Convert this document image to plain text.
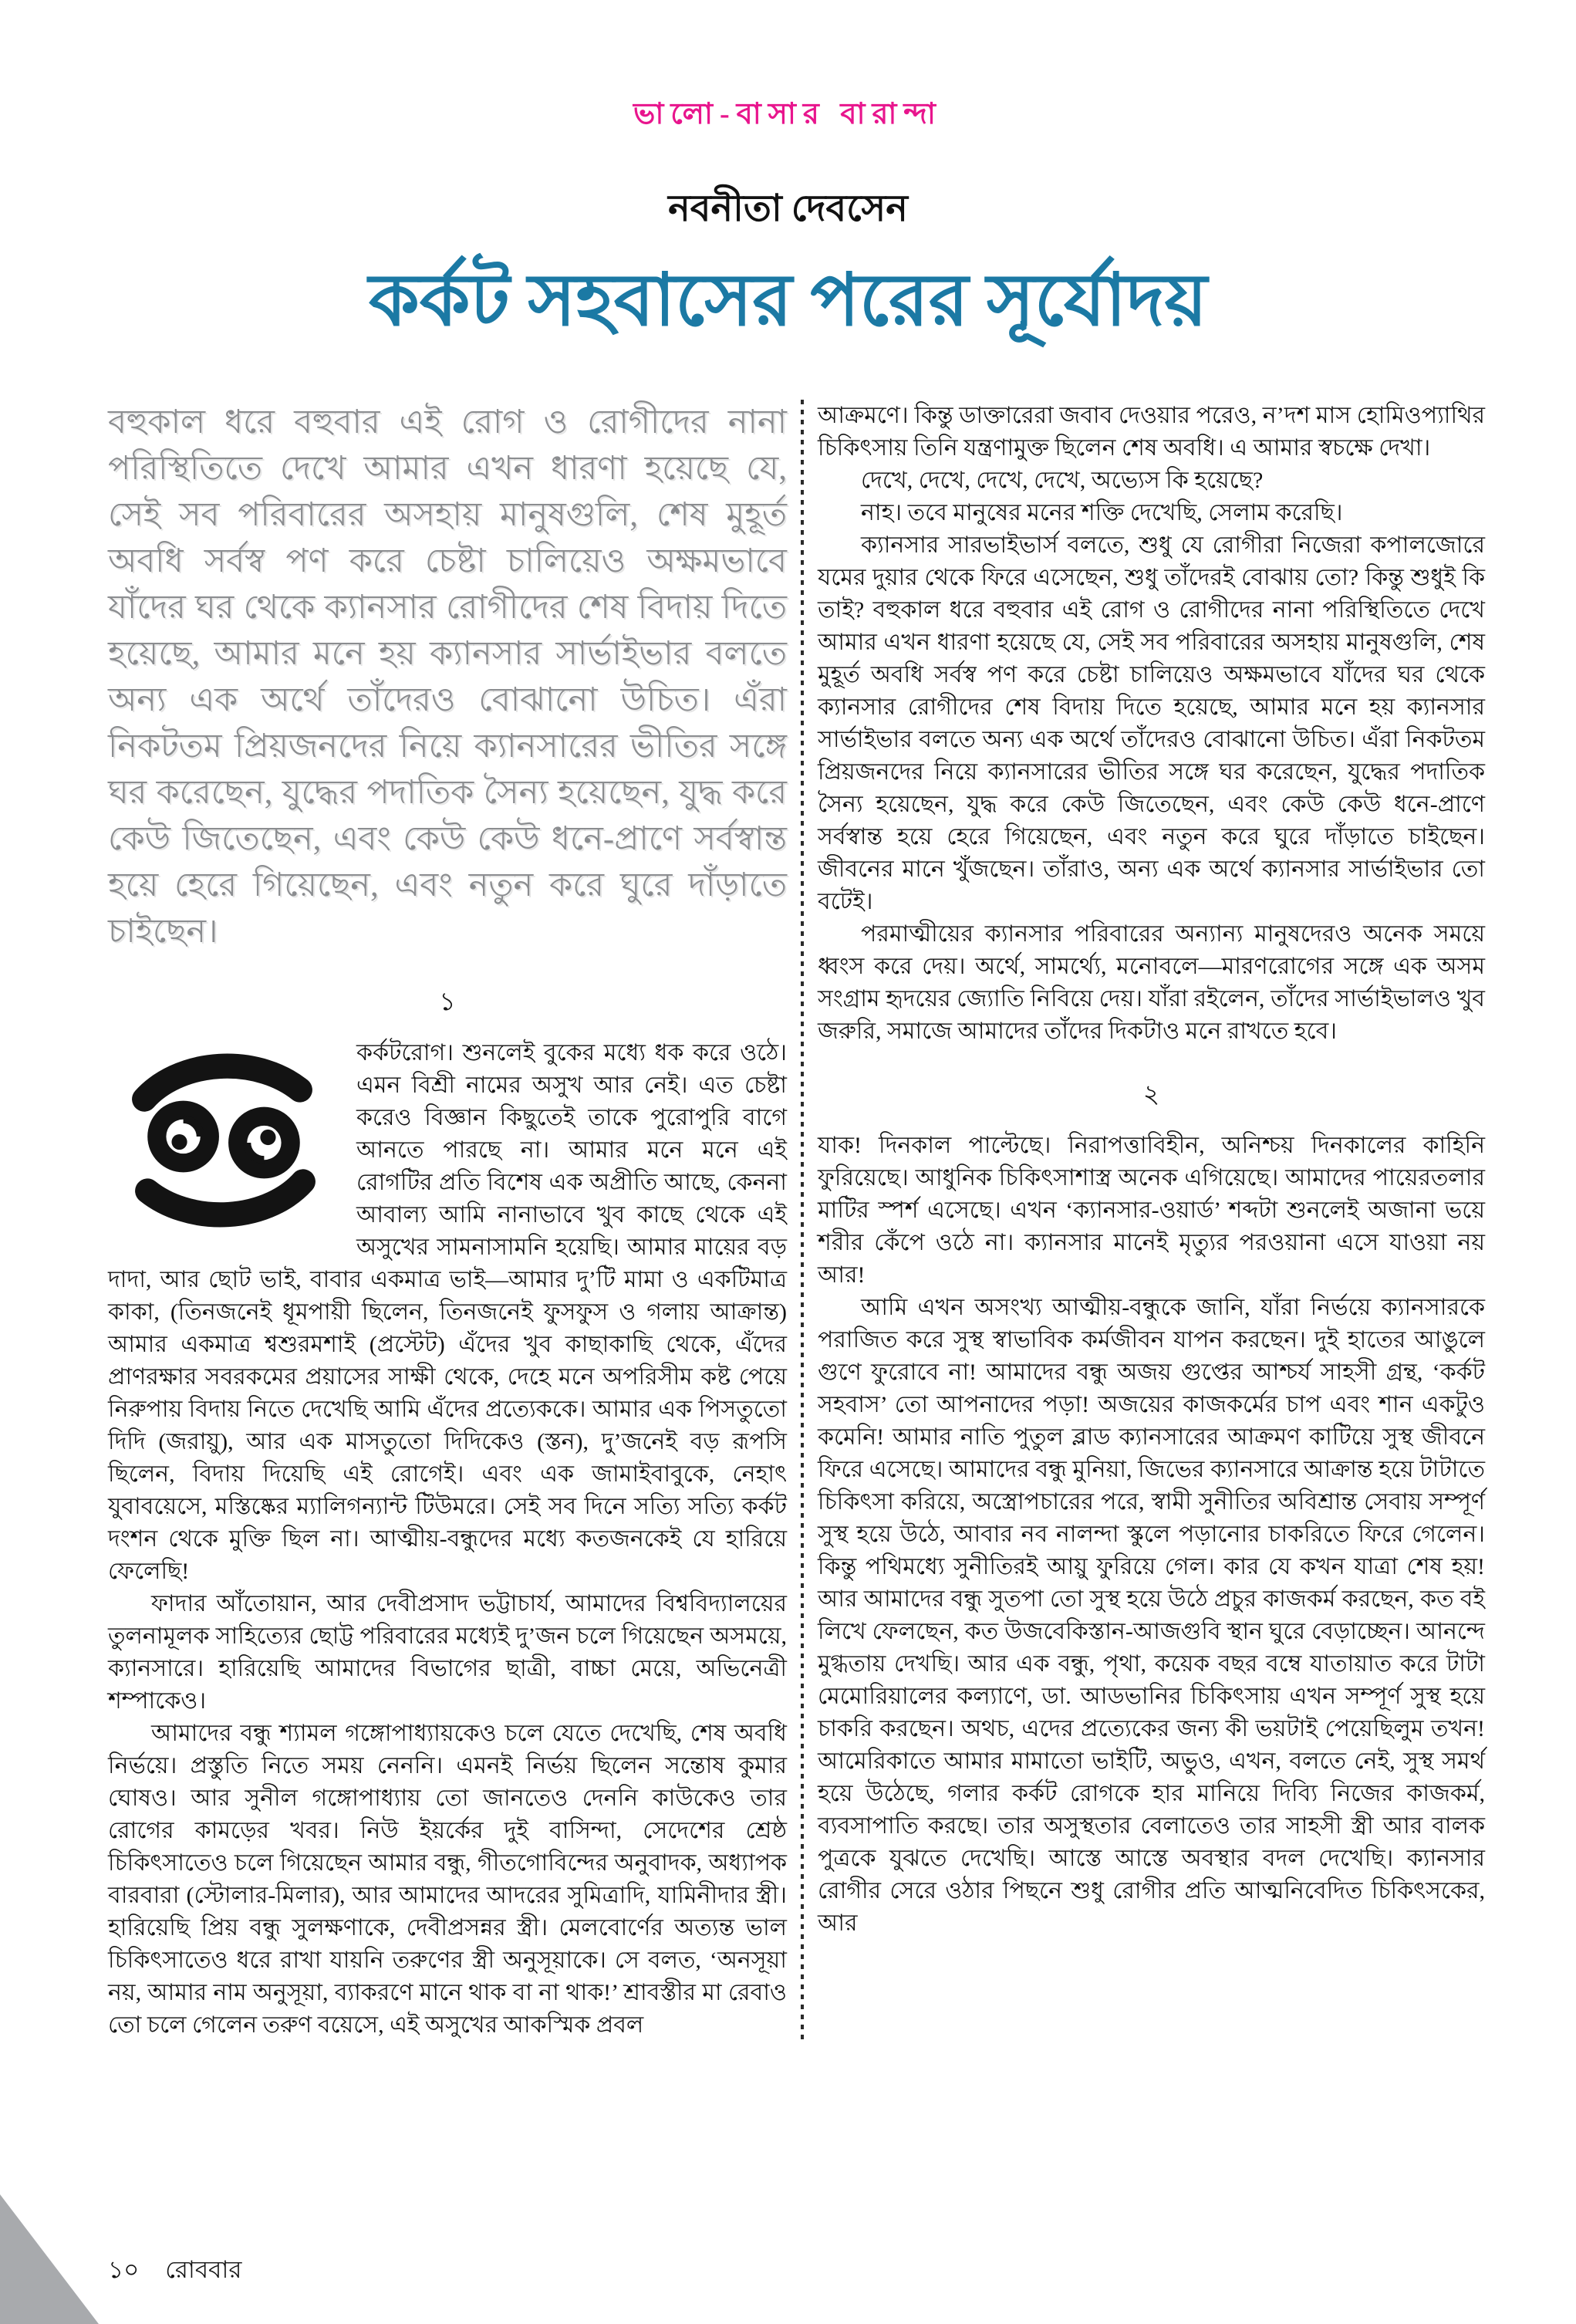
ভালো-বাসার বারান্দা
নবনীতা দেবসেন
কর্কট সহবাসের পরের সূর্যোদয়
বহুকাল ধরে বহুবার এই রোগ ও রোগীদের নানা পরিস্থিতিতে দেখে আমার এখন ধারণা হয়েছে যে, সেই সব পরিবারের অসহায় মানুষগুলি, শেষ মুহূর্ত অবধি সর্বস্ব পণ করে চেষ্টা চালিয়েও অক্ষমভাবে যাঁদের ঘর থেকে ক্যানসার রোগীদের শেষ বিদায় দিতে হয়েছে, আমার মনে হয় ক্যানসার সার্ভাইভার বলতে অন্য এক অর্থে তাঁদেরও বোঝানো উচিত। এঁরা নিকটতম প্রিয়জনদের নিয়ে ক্যানসারের ভীতির সঙ্গে ঘর করেছেন, যুদ্ধের পদাতিক সৈন্য হয়েছেন, যুদ্ধ করে কেউ জিতেছেন, এবং কেউ কেউ ধনে-প্রাণে সর্বস্বান্ত হয়ে হেরে গিয়েছেন, এবং নতুন করে ঘুরে দাঁড়াতে চাইছেন।
১

কর্কটরোগ। শুনলেই বুকের মধ্যে ধক করে ওঠে। এমন বিশ্রী নামের অসুখ আর নেই। এত চেষ্টা করেও বিজ্ঞান কিছুতেই তাকে পুরোপুরি বাগে আনতে পারছে না। আমার মনে মনে এই রোগটির প্রতি বিশেষ এক অপ্রীতি আছে, কেননা আবাল্য আমি নানাভাবে খুব কাছে থেকে এই অসুখের সামনাসামনি হয়েছি। আমার মায়ের বড় দাদা, আর ছোট ভাই, বাবার একমাত্র ভাই—আমার দু’টি মামা ও একটিমাত্র কাকা, (তিনজনেই ধূমপায়ী ছিলেন, তিনজনেই ফুসফুস ও গলায় আক্রান্ত) আমার একমাত্র শ্বশুরমশাই (প্রস্টেট) এঁদের খুব কাছাকাছি থেকে, এঁদের প্রাণরক্ষার সবরকমের প্রয়াসের সাক্ষী থেকে, দেহে মনে অপরিসীম কষ্ট পেয়ে নিরুপায় বিদায় নিতে দেখেছি আমি এঁদের প্রত্যেককে। আমার এক পিসতুতো দিদি (জরায়ু), আর এক মাসতুতো দিদিকেও (স্তন), দু’জনেই বড় রূপসি ছিলেন, বিদায় দিয়েছি এই রোগেই। এবং এক জামাইবাবুকে, নেহাৎ যুবাবয়েসে, মস্তিষ্কের ম্যালিগন্যান্ট টিউমরে। সেই সব দিনে সত্যি সত্যি কর্কট দংশন থেকে মুক্তি ছিল না। আত্মীয়-বন্ধুদের মধ্যে কতজনকেই যে হারিয়ে ফেলেছি!

ফাদার আঁতোয়ান, আর দেবীপ্রসাদ ভট্টাচার্য, আমাদের বিশ্ববিদ্যালয়ের তুলনামূলক সাহিত্যের ছোট্ট পরিবারের মধ্যেই দু’জন চলে গিয়েছেন অসময়ে, ক্যানসারে। হারিয়েছি আমাদের বিভাগের ছাত্রী, বাচ্চা মেয়ে, অভিনেত্রী শম্পাকেও।

আমাদের বন্ধু শ্যামল গঙ্গোপাধ্যায়কেও চলে যেতে দেখেছি, শেষ অবধি নির্ভয়ে। প্রস্তুতি নিতে সময় নেননি। এমনই নির্ভয় ছিলেন সন্তোষ কুমার ঘোষও। আর সুনীল গঙ্গোপাধ্যায় তো জানতেও দেননি কাউকেও তার রোগের কামড়ের খবর। নিউ ইয়র্কের দুই বাসিন্দা, সেদেশের শ্রেষ্ঠ চিকিৎসাতেও চলে গিয়েছেন আমার বন্ধু, গীতগোবিন্দের অনুবাদক, অধ্যাপক বারবারা (স্টোলার-মিলার), আর আমাদের আদরের সুমিত্রাদি, যামিনীদার স্ত্রী। হারিয়েছি প্রিয় বন্ধু সুলক্ষণাকে, দেবীপ্রসন্নর স্ত্রী। মেলবোর্ণের অত্যন্ত ভাল চিকিৎসাতেও ধরে রাখা যায়নি তরুণের স্ত্রী অনুসূয়াকে। সে বলত, ‘অনসূয়া নয়, আমার নাম অনুসূয়া, ব্যাকরণে মানে থাক বা না থাক!’ শ্রাবস্তীর মা রেবাও তো চলে গেলেন তরুণ বয়েসে, এই অসুখের আকস্মিক প্রবল

আক্রমণে। কিন্তু ডাক্তারেরা জবাব দেওয়ার পরেও, ন’দশ মাস হোমিওপ্যাথির চিকিৎসায় তিনি যন্ত্রণামুক্ত ছিলেন শেষ অবধি। এ আমার স্বচক্ষে দেখা।

দেখে, দেখে, দেখে, দেখে, অভ্যেস কি হয়েছে?

নাহ। তবে মানুষের মনের শক্তি দেখেছি, সেলাম করেছি।

ক্যানসার সারভাইভার্স বলতে, শুধু যে রোগীরা নিজেরা কপালজোরে যমের দুয়ার থেকে ফিরে এসেছেন, শুধু তাঁদেরই বোঝায় তো? কিন্তু শুধুই কি তাই? বহুকাল ধরে বহুবার এই রোগ ও রোগীদের নানা পরিস্থিতিতে দেখে আমার এখন ধারণা হয়েছে যে, সেই সব পরিবারের অসহায় মানুষগুলি, শেষ মুহূর্ত অবধি সর্বস্ব পণ করে চেষ্টা চালিয়েও অক্ষমভাবে যাঁদের ঘর থেকে ক্যানসার রোগীদের শেষ বিদায় দিতে হয়েছে, আমার মনে হয় ক্যানসার সার্ভাইভার বলতে অন্য এক অর্থে তাঁদেরও বোঝানো উচিত। এঁরা নিকটতম প্রিয়জনদের নিয়ে ক্যানসারের ভীতির সঙ্গে ঘর করেছেন, যুদ্ধের পদাতিক সৈন্য হয়েছেন, যুদ্ধ করে কেউ জিতেছেন, এবং কেউ কেউ ধনে-প্রাণে সর্বস্বান্ত হয়ে হেরে গিয়েছেন, এবং নতুন করে ঘুরে দাঁড়াতে চাইছেন। জীবনের মানে খুঁজছেন। তাঁরাও, অন্য এক অর্থে ক্যানসার সার্ভাইভার তো বটেই।

পরমাত্মীয়ের ক্যানসার পরিবারের অন্যান্য মানুষদেরও অনেক সময়ে ধ্বংস করে দেয়। অর্থে, সামর্থ্যে, মনোবলে—মারণরোগের সঙ্গে এক অসম সংগ্রাম হৃদয়ের জ্যোতি নিবিয়ে দেয়। যাঁরা রইলেন, তাঁদের সার্ভাইভালও খুব জরুরি, সমাজে আমাদের তাঁদের দিকটাও মনে রাখতে হবে।

২

যাক! দিনকাল পাল্টেছে। নিরাপত্তাবিহীন, অনিশ্চয় দিনকালের কাহিনি ফুরিয়েছে। আধুনিক চিকিৎসাশাস্ত্র অনেক এগিয়েছে। আমাদের পায়েরতলার মাটির স্পর্শ এসেছে। এখন ‘ক্যানসার-ওয়ার্ড’ শব্দটা শুনলেই অজানা ভয়ে শরীর কেঁপে ওঠে না। ক্যানসার মানেই মৃত্যুর পরওয়ানা এসে যাওয়া নয় আর!

আমি এখন অসংখ্য আত্মীয়-বন্ধুকে জানি, যাঁরা নির্ভয়ে ক্যানসারকে পরাজিত করে সুস্থ স্বাভাবিক কর্মজীবন যাপন করছেন। দুই হাতের আঙুলে গুণে ফুরোবে না! আমাদের বন্ধু অজয় গুপ্তের আশ্চর্য সাহসী গ্রন্থ, ‘কর্কট সহবাস’ তো আপনাদের পড়া! অজয়ের কাজকর্মের চাপ এবং শান একটুও কমেনি! আমার নাতি পুতুল ব্লাড ক্যানসারের আক্রমণ কাটিয়ে সুস্থ জীবনে ফিরে এসেছে। আমাদের বন্ধু মুনিয়া, জিভের ক্যানসারে আক্রান্ত হয়ে টাটাতে চিকিৎসা করিয়ে, অস্ত্রোপচারের পরে, স্বামী সুনীতির অবিশ্রান্ত সেবায় সম্পূর্ণ সুস্থ হয়ে উঠে, আবার নব নালন্দা স্কুলে পড়ানোর চাকরিতে ফিরে গেলেন। কিন্তু পথিমধ্যে সুনীতিরই আয়ু ফুরিয়ে গেল। কার যে কখন যাত্রা শেষ হয়! আর আমাদের বন্ধু সুতপা তো সুস্থ হয়ে উঠে প্রচুর কাজকর্ম করছেন, কত বই লিখে ফেলছেন, কত উজবেকিস্তান-আজগুবি স্থান ঘুরে বেড়াচ্ছেন। আনন্দে মুগ্ধতায় দেখছি। আর এক বন্ধু, পৃথা, কয়েক বছর বম্বে যাতায়াত করে টাটা মেমোরিয়ালের কল্যাণে, ডা. আডভানির চিকিৎসায় এখন সম্পূর্ণ সুস্থ হয়ে চাকরি করছেন। অথচ, এদের প্রত্যেকের জন্য কী ভয়টাই পেয়েছিলুম তখন! আমেরিকাতে আমার মামাতো ভাইটি, অভুও, এখন, বলতে নেই, সুস্থ সমর্থ হয়ে উঠেছে, গলার কর্কট রোগকে হার মানিয়ে দিব্যি নিজের কাজকর্ম, ব্যবসাপাতি করছে। তার অসুস্থতার বেলাতেও তার সাহসী স্ত্রী আর বালক পুত্রকে যুঝতে দেখেছি। আস্তে আস্তে অবস্থার বদল দেখেছি। ক্যানসার রোগীর সেরে ওঠার পিছনে শুধু রোগীর প্রতি আত্মনিবেদিত চিকিৎসকের, আর

১০ রোববার
